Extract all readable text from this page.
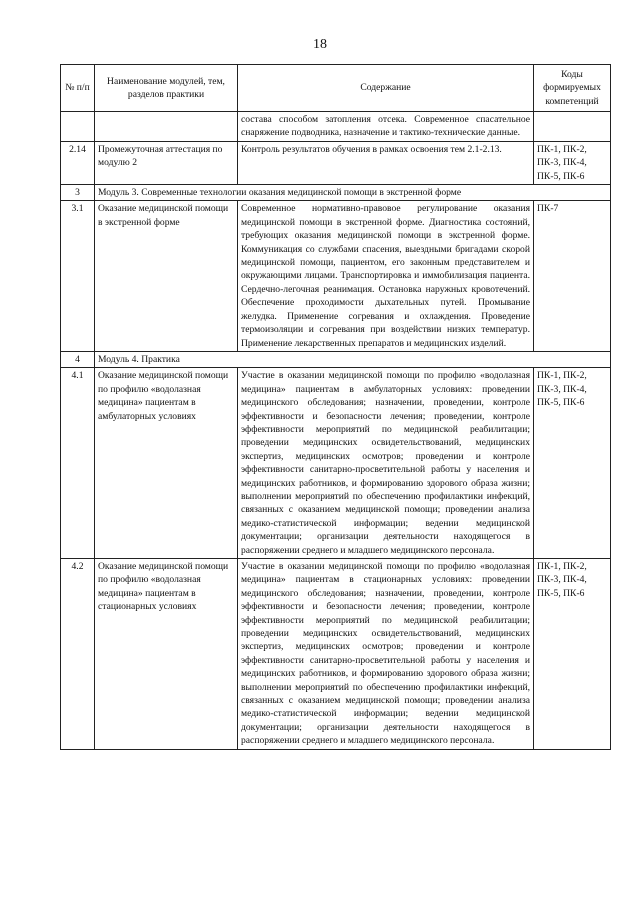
18
№ п/п	Наименование модулей, тем, разделов практики	Содержание	Коды формируемых компетенций
		состава способом затопления отсека. Современное спасательное снаряжение подводника, назначение и тактико-технические данные.	
2.14	Промежуточная аттестация по модулю 2	Контроль результатов обучения в рамках освоения тем 2.1-2.13.	ПК-1, ПК-2, ПК-3, ПК-4, ПК-5, ПК-6
3	Модуль 3. Современные технологии оказания медицинской помощи в экстренной форме		
3.1	Оказание медицинской помощи в экстренной форме	Современное нормативно-правовое регулирование оказания медицинской помощи в экстренной форме. Диагностика состояний, требующих оказания медицинской помощи в экстренной форме. Коммуникация со службами спасения, выездными бригадами скорой медицинской помощи, пациентом, его законным представителем и окружающими лицами. Транспортировка и иммобилизация пациента. Сердечно-легочная реанимация. Остановка наружных кровотечений. Обеспечение проходимости дыхательных путей. Промывание желудка. Применение согревания и охлаждения. Проведение термоизоляции и согревания при воздействии низких температур. Применение лекарственных препаратов и медицинских изделий.	ПК-7
4	Модуль 4. Практика		
4.1	Оказание медицинской помощи по профилю «водолазная медицина» пациентам в амбулаторных условиях	Участие в оказании медицинской помощи по профилю «водолазная медицина» пациентам в амбулаторных условиях: проведении медицинского обследования; назначении, проведении, контроле эффективности и безопасности лечения; проведении, контроле эффективности мероприятий по медицинской реабилитации; проведении медицинских освидетельствований, медицинских экспертиз, медицинских осмотров; проведении и контроле эффективности санитарно-просветительной работы у населения и медицинских работников, и формированию здорового образа жизни; выполнении мероприятий по обеспечению профилактики инфекций, связанных с оказанием медицинской помощи; проведении анализа медико-статистической информации; ведении медицинской документации; организации деятельности находящегося в распоряжении среднего и младшего медицинского персонала.	ПК-1, ПК-2, ПК-3, ПК-4, ПК-5, ПК-6
4.2	Оказание медицинской помощи по профилю «водолазная медицина» пациентам в стационарных условиях	Участие в оказании медицинской помощи по профилю «водолазная медицина» пациентам в стационарных условиях: проведении медицинского обследования; назначении, проведении, контроле эффективности и безопасности лечения; проведении, контроле эффективности мероприятий по медицинской реабилитации; проведении медицинских освидетельствований, медицинских экспертиз, медицинских осмотров; проведении и контроле эффективности санитарно-просветительной работы у населения и медицинских работников, и формированию здорового образа жизни; выполнении мероприятий по обеспечению профилактики инфекций, связанных с оказанием медицинской помощи; проведении анализа медико-статистической информации; ведении медицинской документации; организации деятельности находящегося в распоряжении среднего и младшего медицинского персонала.	ПК-1, ПК-2, ПК-3, ПК-4, ПК-5, ПК-6
